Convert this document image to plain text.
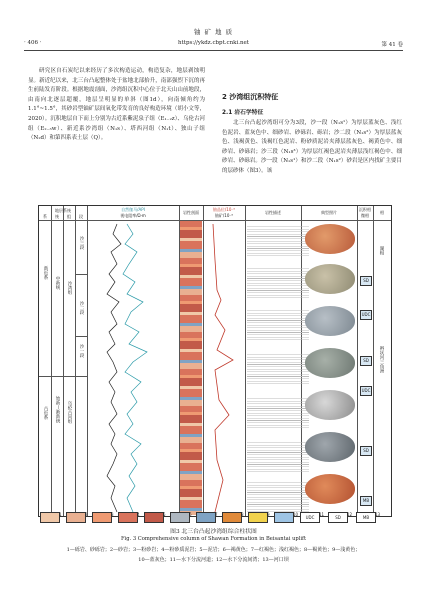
铀 矿 地 质
· 406 ·	https://ykdz.cbpt.cnki.net	第 41 卷
研究区自石炭纪以来经历了多次构造运动，构造复杂，地层剥蚀明显。新近纪以来，北三台凸起整体处于盆地北部抬升，南部强烈下沉的再生前陆发育阶段。根据地震剖面，沙湾组沉积中心位于北天山山前地段，由南向北逐层超覆，地层呈明显的单斜（图1d），向南倾角约为1.1°~1.5°，其砂岩型铀矿层间氧化带发育的良好构造环境（胡小文等，2020）。沉积地层自下而上分别为古近系紫泥泉子组（E₁₋₂z）、乌伦古河组（E₂₋₃w）、新近系沙湾组（N₁s）、塔西河组（N₁t）、独山子组（N₂d）和第四系表土层（Q）。
2 沙湾组沉积特征
2.1 岩石学特征
北三台凸起沙湾组可分为3段，沙一段（N₁s¹）为厚层蓝灰色、浅红色泥岩、蓝灰色中、细砂岩、砂砾岩、砾岩；沙二段（N₁s²）为厚层蓝灰色、浅褐黄色、浅褐红色泥岩、粉砂质泥岩夹薄层蓝灰色、褐黄色中、细砂岩、砂砾岩；沙三段（N₁s³）为厚层红褐色泥岩夹薄层浅红褐色中、细砂岩、砂砾岩。沙一段（N₁s¹）和沙二段（N₁s²）砂岩是区内找矿主要目的层砂体（图3）。该
地层系统
系	统	组	段
自然伽马/API
视电阻率/Ω·m
岩性剖面
铀品位/10⁻⁶
铀矿/10⁻⁶
岩性描述	典型照片
沉积相
微相
相
新近系
古近系
中新统
始新—渐新统
沙湾组
乌伦古河组
沙三段
沙二段
沙一段
SD
UDC
SD
UDC
SD
MB
湖相
辫状河三角洲
1	2	3	4	5	6	7	8	9	10
UDC
11
SD
12
MB
13
图3 北三台凸起沙湾组综合柱状图
Fig. 3 Comprehensive column of Shawan Formation in Beisantai uplift
1—砾岩、砂砾岩；2—砂岩；3—粉砂岩；4—粉砂质泥岩；5—泥岩；6—褐黄色；7—红褐色；浅红褐色；8—褐黄色；9—浅黄色；
10—蓝灰色；11—水下分流河道；12—水下分流间湾；13—河口坝
